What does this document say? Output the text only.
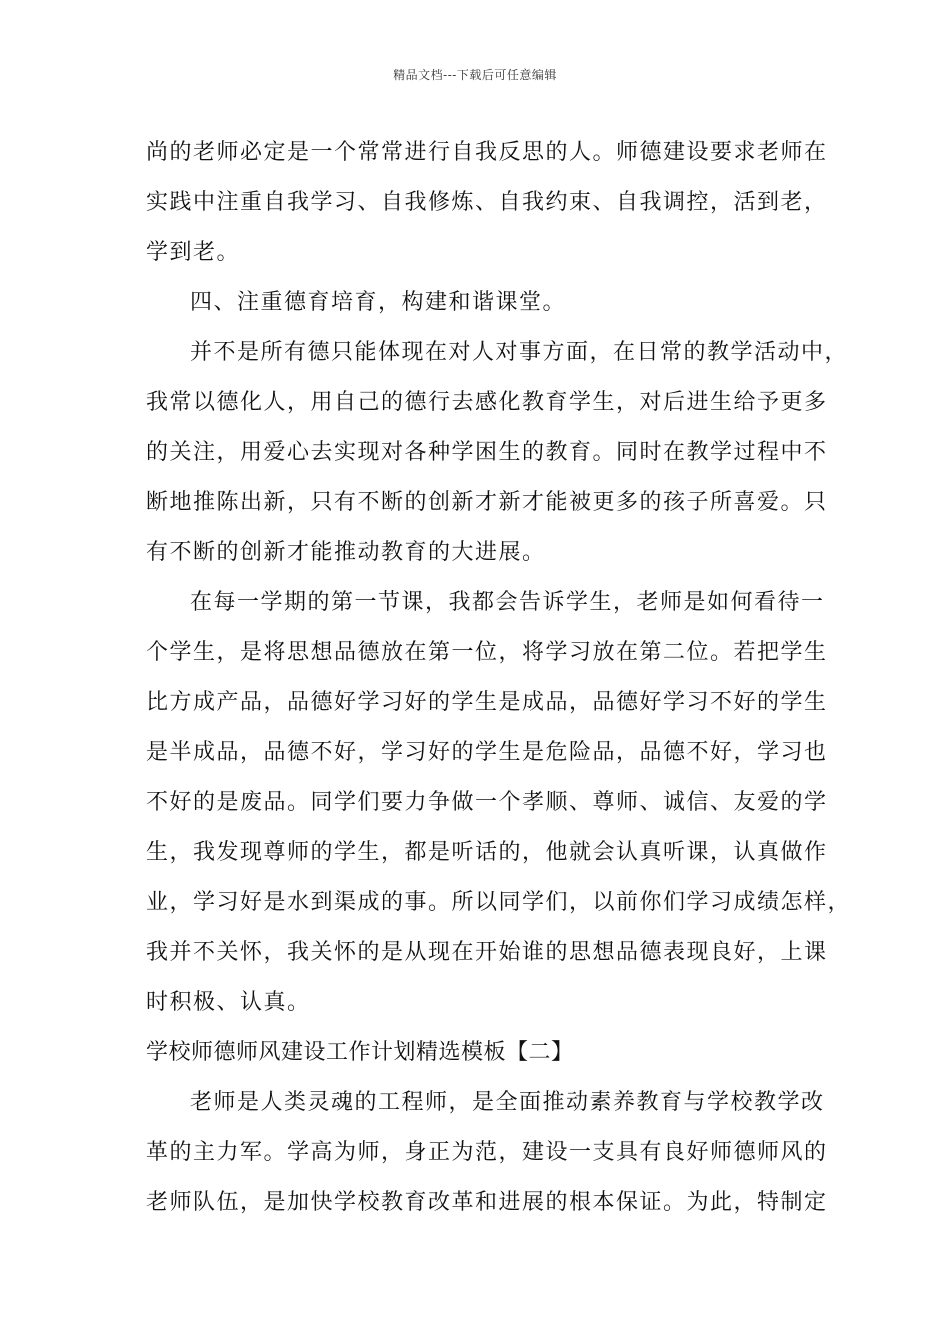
精品文档---下载后可任意编辑
尚的老师必定是一个常常进行自我反思的人。师德建设要求老师在
实践中注重自我学习、自我修炼、自我约束、自我调控，活到老，
学到老。
四、注重德育培育，构建和谐课堂。
并不是所有德只能体现在对人对事方面，在日常的教学活动中，
我常以德化人，用自己的德行去感化教育学生，对后进生给予更多
的关注，用爱心去实现对各种学困生的教育。同时在教学过程中不
断地推陈出新，只有不断的创新才新才能被更多的孩子所喜爱。只
有不断的创新才能推动教育的大进展。
在每一学期的第一节课，我都会告诉学生，老师是如何看待一
个学生，是将思想品德放在第一位，将学习放在第二位。若把学生
比方成产品，品德好学习好的学生是成品，品德好学习不好的学生
是半成品，品德不好，学习好的学生是危险品，品德不好，学习也
不好的是废品。同学们要力争做一个孝顺、尊师、诚信、友爱的学
生，我发现尊师的学生，都是听话的，他就会认真听课，认真做作
业，学习好是水到渠成的事。所以同学们，以前你们学习成绩怎样，
我并不关怀，我关怀的是从现在开始谁的思想品德表现良好，上课
时积极、认真。
学校师德师风建设工作计划精选模板【二】
老师是人类灵魂的工程师，是全面推动素养教育与学校教学改
革的主力军。学高为师，身正为范，建设一支具有良好师德师风的
老师队伍，是加快学校教育改革和进展的根本保证。为此，特制定
